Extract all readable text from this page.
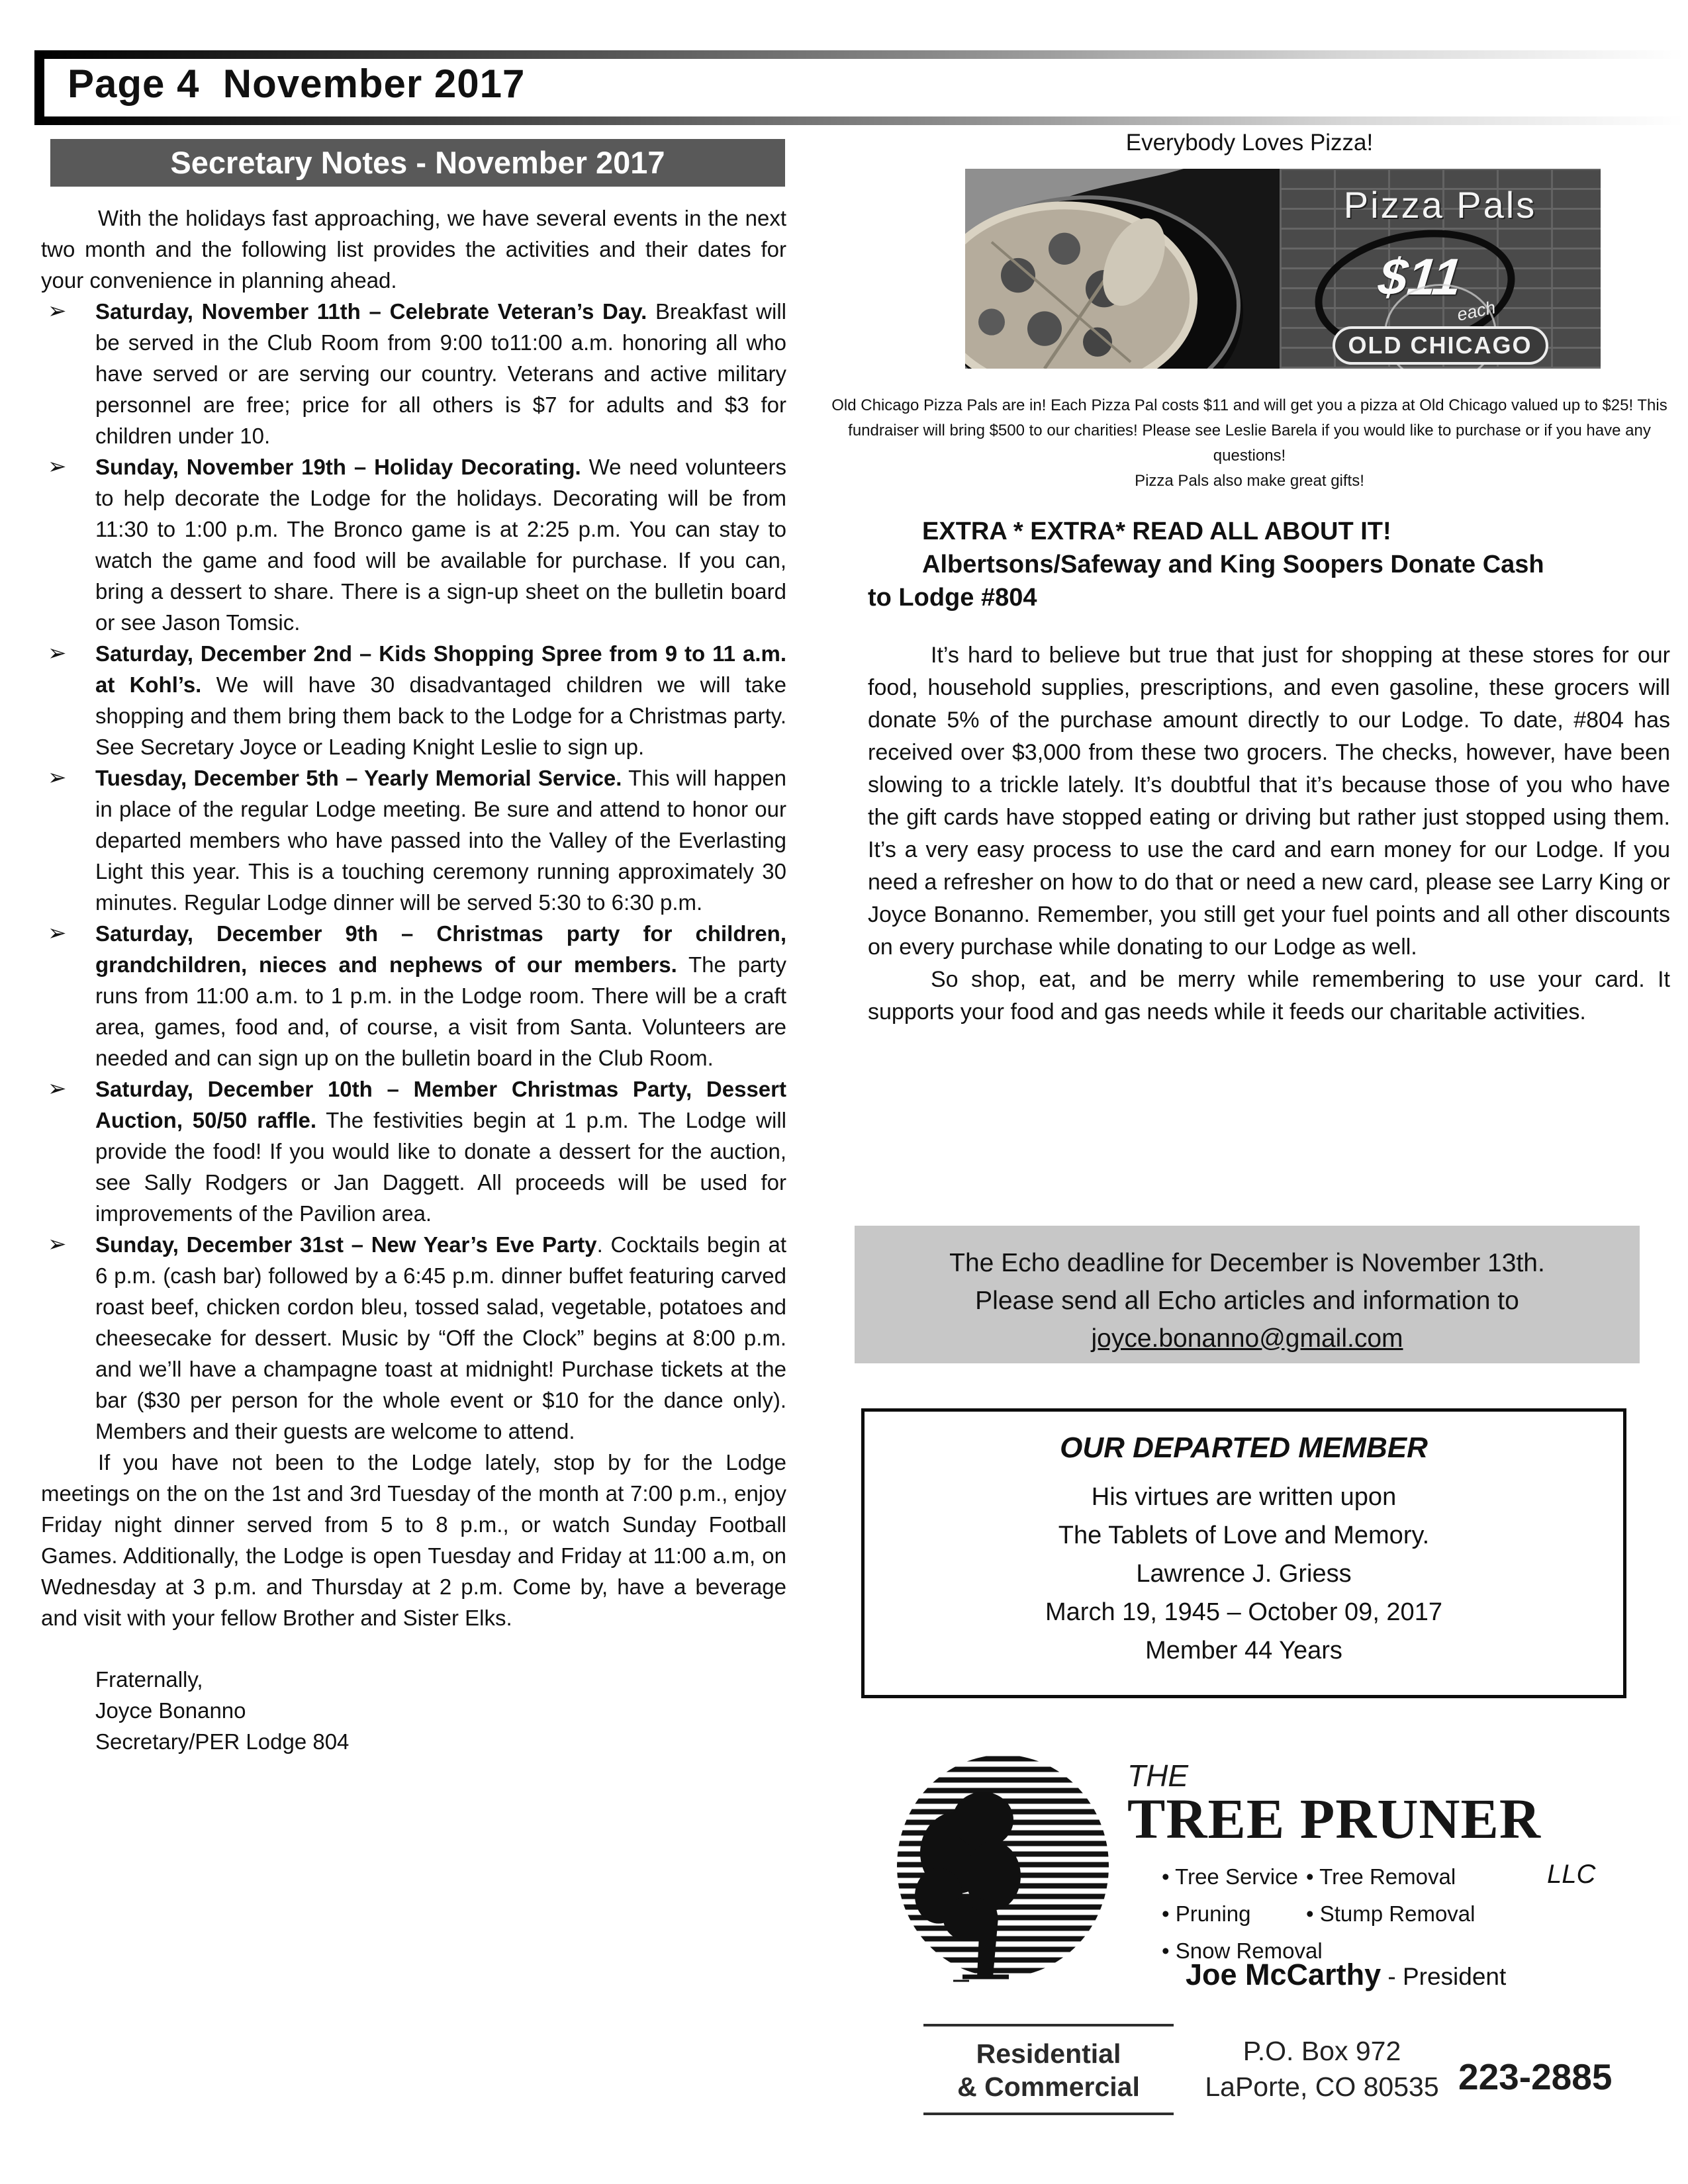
Page 4  November 2017
Secretary Notes - November 2017

With the holidays fast approaching, we have several events in the next two month and the following list provides the activities and their dates for your convenience in planning ahead.

➢ Saturday, November 11th – Celebrate Veteran’s Day. Breakfast will be served in the Club Room from 9:00 to11:00 a.m. honoring all who have served or are serving our country. Veterans and active military personnel are free; price for all others is $7 for adults and $3 for children under 10.
➢ Sunday, November 19th – Holiday Decorating. We need volunteers to help decorate the Lodge for the holidays. Decorating will be from 11:30 to 1:00 p.m. The Bronco game is at 2:25 p.m. You can stay to watch the game and food will be available for purchase. If you can, bring a dessert to share. There is a sign-up sheet on the bulletin board or see Jason Tomsic.
➢ Saturday, December 2nd – Kids Shopping Spree from 9 to 11 a.m. at Kohl’s. We will have 30 disadvantaged children we will take shopping and them bring them back to the Lodge for a Christmas party. See Secretary Joyce or Leading Knight Leslie to sign up.
➢ Tuesday, December 5th – Yearly Memorial Service. This will happen in place of the regular Lodge meeting. Be sure and attend to honor our departed members who have passed into the Valley of the Everlasting Light this year. This is a touching ceremony running approximately 30 minutes. Regular Lodge dinner will be served 5:30 to 6:30 p.m.
➢ Saturday, December 9th – Christmas party for children, grandchildren, nieces and nephews of our members. The party runs from 11:00 a.m. to 1 p.m. in the Lodge room. There will be a craft area, games, food and, of course, a visit from Santa. Volunteers are needed and can sign up on the bulletin board in the Club Room.
➢ Saturday, December 10th – Member Christmas Party, Dessert Auction, 50/50 raffle. The festivities begin at 1 p.m. The Lodge will provide the food! If you would like to donate a dessert for the auction, see Sally Rodgers or Jan Daggett. All proceeds will be used for improvements of the Pavilion area.
➢ Sunday, December 31st – New Year’s Eve Party. Cocktails begin at 6 p.m. (cash bar) followed by a 6:45 p.m. dinner buffet featuring carved roast beef, chicken cordon bleu, tossed salad, vegetable, potatoes and cheesecake for dessert. Music by “Off the Clock” begins at 8:00 p.m. and we’ll have a champagne toast at midnight! Purchase tickets at the bar ($30 per person for the whole event or $10 for the dance only). Members and their guests are welcome to attend.

If you have not been to the Lodge lately, stop by for the Lodge meetings on the on the 1st and 3rd Tuesday of the month at 7:00 p.m., enjoy Friday night dinner served from 5 to 8 p.m., or watch Sunday Football Games. Additionally, the Lodge is open Tuesday and Friday at 11:00 a.m, on Wednesday at 3 p.m. and Thursday at 2 p.m. Come by, have a beverage and visit with your fellow Brother and Sister Elks.

Fraternally,
Joyce Bonanno
Secretary/PER Lodge 804
Everybody Loves Pizza!
Pizza Pals
$11
each
OLD CHICAGO
Old Chicago Pizza Pals are in! Each Pizza Pal costs $11 and will get you a pizza at Old Chicago valued up to $25! This
fundraiser will bring $500 to our charities! Please see Leslie Barela if you would like to purchase or if you have any
questions!
Pizza Pals also make great gifts!
EXTRA * EXTRA* READ ALL ABOUT IT!
Albertsons/Safeway and King Soopers Donate Cash
to Lodge #804

It’s hard to believe but true that just for shopping at these stores for our food, household supplies, prescriptions, and even gasoline, these grocers will donate 5% of the purchase amount directly to our Lodge. To date, #804 has received over $3,000 from these two grocers. The checks, however, have been slowing to a trickle lately. It’s doubtful that it’s because those of you who have the gift cards have stopped eating or driving but rather just stopped using them. It’s a very easy process to use the card and earn money for our Lodge. If you need a refresher on how to do that or need a new card, please see Larry King or Joyce Bonanno. Remember, you still get your fuel points and all other discounts on every purchase while donating to our Lodge as well.

So shop, eat, and be merry while remembering to use your card. It supports your food and gas needs while it feeds our charitable activities.

The Echo deadline for December is November 13th.
Please send all Echo articles and information to
joyce.bonanno@gmail.com
OUR DEPARTED MEMBER
His virtues are written upon
The Tablets of Love and Memory.
Lawrence J. Griess
March 19, 1945 – October 09, 2017
Member 44 Years
THE
TREE PRUNER
LLC
• Tree Service
• Pruning
• Snow Removal
• Tree Removal
• Stump Removal
Joe McCarthy - President
Residential
& Commercial
P.O. Box 972
LaPorte, CO 80535 223-2885
